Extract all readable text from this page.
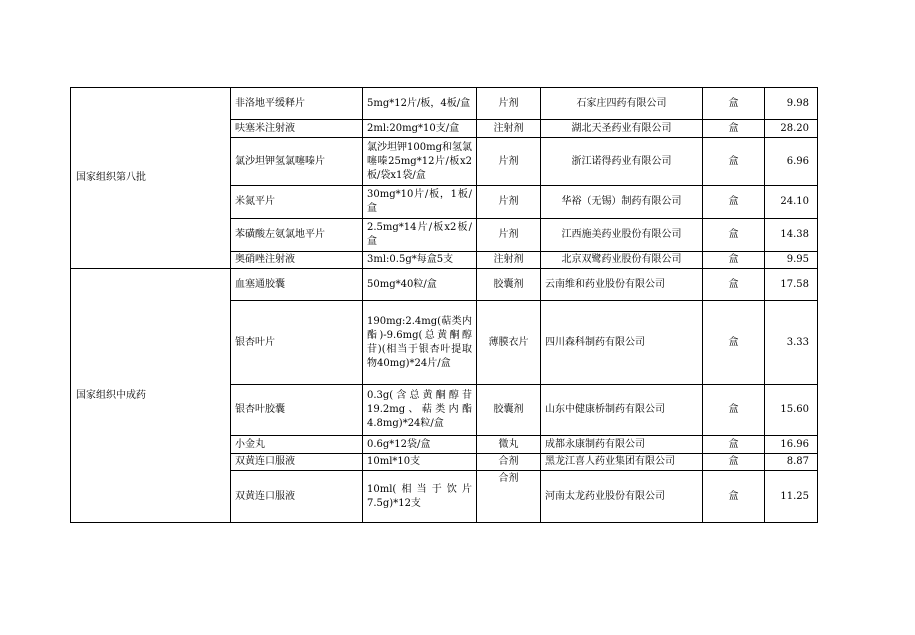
国家组织第八批	非洛地平缓释片	5mg*12片/板，4板/盒	片剂	石家庄四药有限公司	盒	9.98
	呋塞米注射液	2ml:20mg*10支/盒	注射剂	湖北天圣药业有限公司	盒	28.20
	氯沙坦钾氢氯噻嗪片	氯沙坦钾100mg和氢氯噻嗪25mg*12片/板x2板/袋x1袋/盒	片剂	浙江诺得药业有限公司	盒	6.96
	米氮平片	30mg*10片/板，1板/盒	片剂	华裕（无锡）制药有限公司	盒	24.10
	苯磺酸左氨氯地平片	2.5mg*14片/板x2板/盒	片剂	江西施美药业股份有限公司	盒	14.38
	奥硝唑注射液	3ml:0.5g*每盒5支	注射剂	北京双鹭药业股份有限公司	盒	9.95
国家组织中成药	血塞通胶囊	50mg*40粒/盒	胶囊剂	云南维和药业股份有限公司	盒	17.58
	银杏叶片	190mg:2.4mg(萜类内酯)-9.6mg(总黄酮醇苷)(相当于银杏叶提取物40mg)*24片/盒	薄膜衣片	四川森科制药有限公司	盒	3.33
	银杏叶胶囊	0.3g(含总黄酮醇苷19.2mg、萜类内酯4.8mg)*24粒/盒	胶囊剂	山东中健康桥制药有限公司	盒	15.60
	小金丸	0.6g*12袋/盒	微丸	成都永康制药有限公司	盒	16.96
	双黄连口服液	10ml*10支	合剂	黑龙江喜人药业集团有限公司	盒	8.87
	双黄连口服液	10ml(相当于饮片7.5g)*12支	合剂	河南太龙药业股份有限公司	盒	11.25
